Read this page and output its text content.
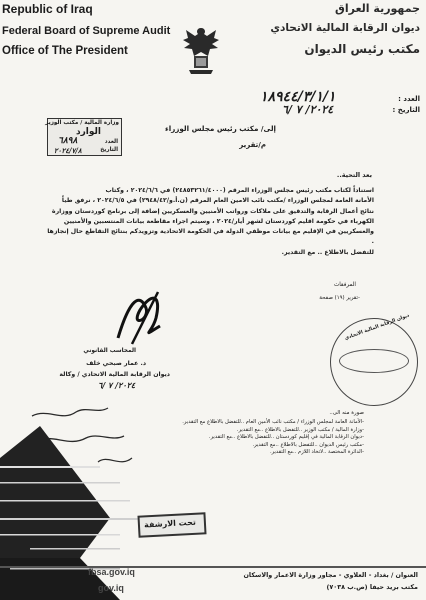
Republic of Iraq
Federal Board of Supreme Audit
Office of The President
جمهورية العراق
ديوان الرقابة المالية الاتحادي
مكتب رئيس الديوان
العدد :
١٨٩٤٤/٣/١/١
التاريخ :
٢٠٢٤/ ٧ /٦
وزارة المالية / مكتب الوزير
الوارد
العدد
٦٨٩٨
التاريخ
٢٠٢٤/٧/٨
إلى/ مكتب رئيس مجلس الوزراء
م/تقرير
بعد التحية..
استناداً لكتاب مكتب رئيس مجلس الوزراء المرقم (٢٤٨٥٣٢٦١/٤٠٠٠) في ٢٠٢٤/٦/٦ ، وكتاب
الأمانة العامة لمجلس الوزراء /مكتب نائب الامين العام المرقم (ن.أ.و/٢٩٤٨/٤٢) في ٢٠٢٤/٦/٥ ، نرفق طياً
نتائج أعمال الرقابة والتدقيق على ملاكات ورواتب الأمنيين والعسكريين إضافة إلى برنامج كوردستان ووزارة
الكهرباء في حكومة اقليم كوردستان لشهر أيار/٢٠٢٤ ، وسيتم اجراء مقاطعة بيانات المنتسبين والأمنيين
والعسكريين في الإقليم مع بيانات موظفي الدولة في الحكومة الاتحادية وتزويدكم بنتائج التقاطع حال إنجازها .
للتفضل بالاطلاع .. مع التقدير.
المرفقات
-تقرير (١٩) صفحة
المحاسب القانوني
د. عمار صبحي خلف
ديوان الرقابة المالية الاتحادي / وكالة
٢٠٢٤/ ٧ /٦
ديوان الرقابة المالية الاتحادي
صورة منه الى..
-الأمانة العامة لمجلس الوزراء / مكتب نائب الأمين العام ..للتفضل بالاطلاع مع التقدير.
-وزارة المالية / مكتب الوزير ..للتفضل بالاطلاع ..مع التقدير.
-ديوان الرقابة المالية في إقليم كوردستان ..للتفضل بالاطلاع ..مع التقدير.
-مكتب رئيس الديوان ..للتفضل بالاطلاع ..مع التقدير.
-الدائرة المختصة ..لاتخاذ اللازم ..مع التقدير.
تحت الارشفة
العنوان / بغداد - العلاوي - مجاور وزارة الاعمار والاسكان
مكتب بريد حيفا (ص.ب ٧٠٣٨)
fbsa.gov.iq
gov.iq
